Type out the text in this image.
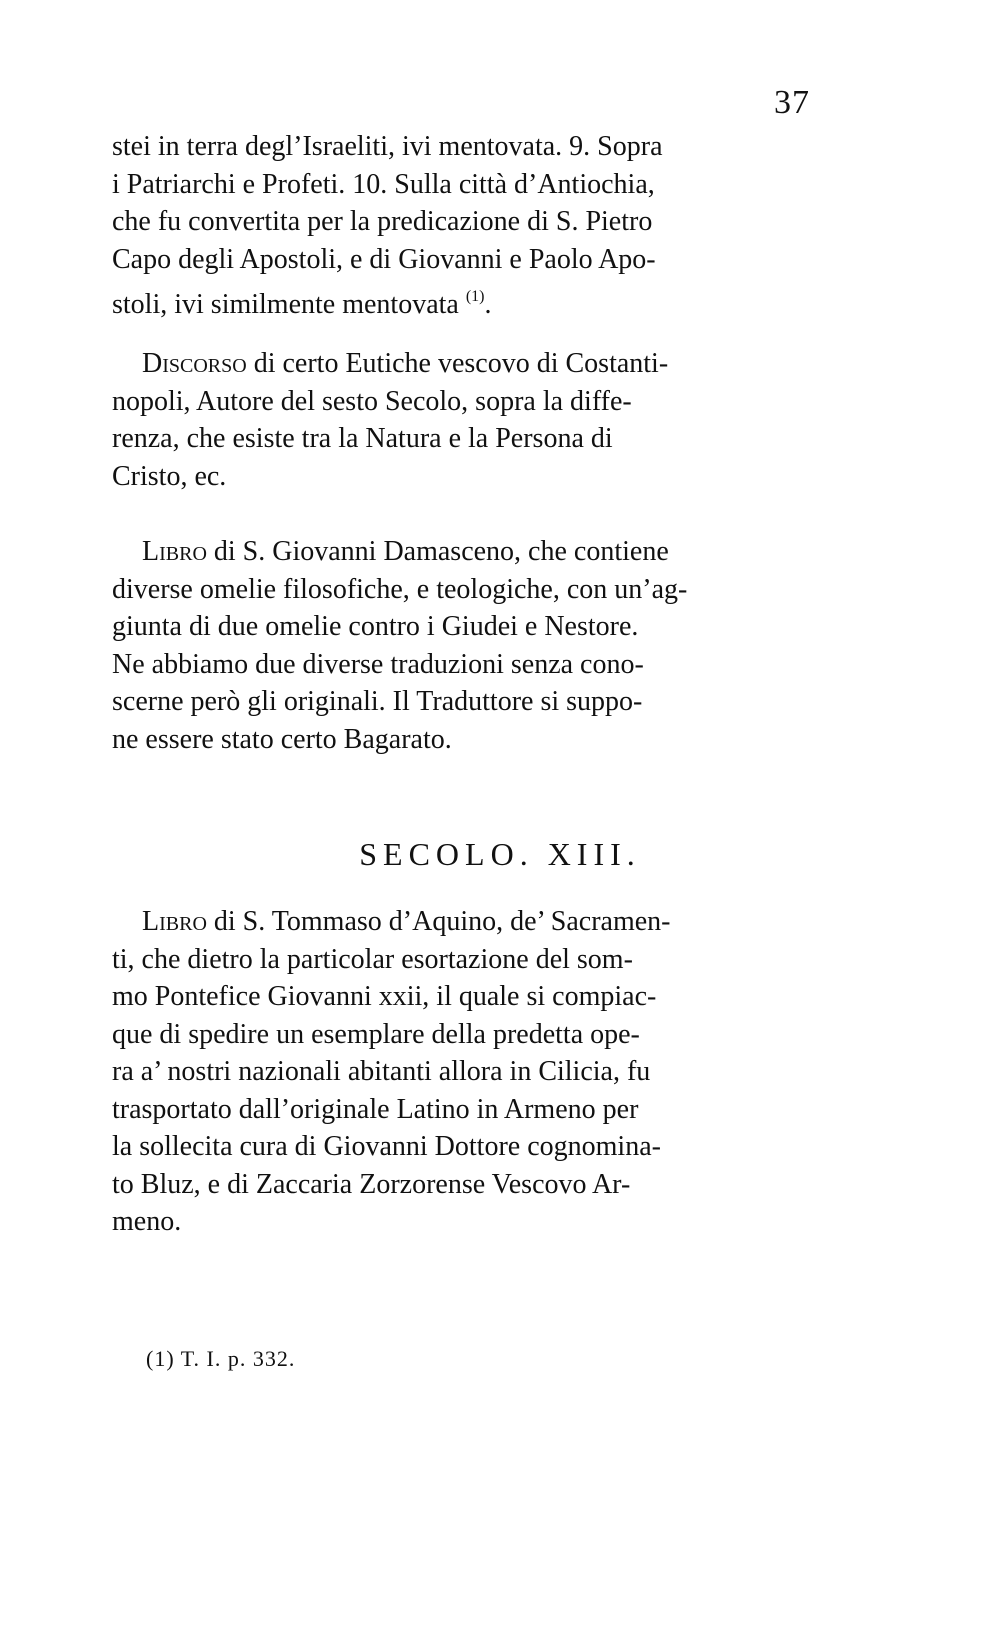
37
stei in terra degl’Israeliti, ivi mentovata. 9. Sopra
i Patriarchi e Profeti. 10. Sulla città d’Antiochia,
che fu convertita per la predicazione di S. Pietro
Capo degli Apostoli, e di Giovanni e Paolo Apo-
stoli, ivi similmente mentovata $^{(1)}$.
Discorso di certo Eutiche vescovo di Costanti-
nopoli, Autore del sesto Secolo, sopra la diffe-
renza, che esiste tra la Natura e la Persona di
Cristo, ec.
Libro di S. Giovanni Damasceno, che contiene
diverse omelie filosofiche, e teologiche, con un’ag-
giunta di due omelie contro i Giudei e Nestore.
Ne abbiamo due diverse traduzioni senza cono-
scerne però gli originali. Il Traduttore si suppo-
ne essere stato certo Bagarato.
SECOLO. XIII.
Libro di S. Tommaso d’Aquino, de’ Sacramen-
ti, che dietro la particolar esortazione del som-
mo Pontefice Giovanni xxii, il quale si compiac-
que di spedire un esemplare della predetta ope-
ra a’ nostri nazionali abitanti allora in Cilicia, fu
trasportato dall’originale Latino in Armeno per
la sollecita cura di Giovanni Dottore cognomina-
to Bluz, e di Zaccaria Zorzorense Vescovo Ar-
meno.
(1) T. I. p. 332.
